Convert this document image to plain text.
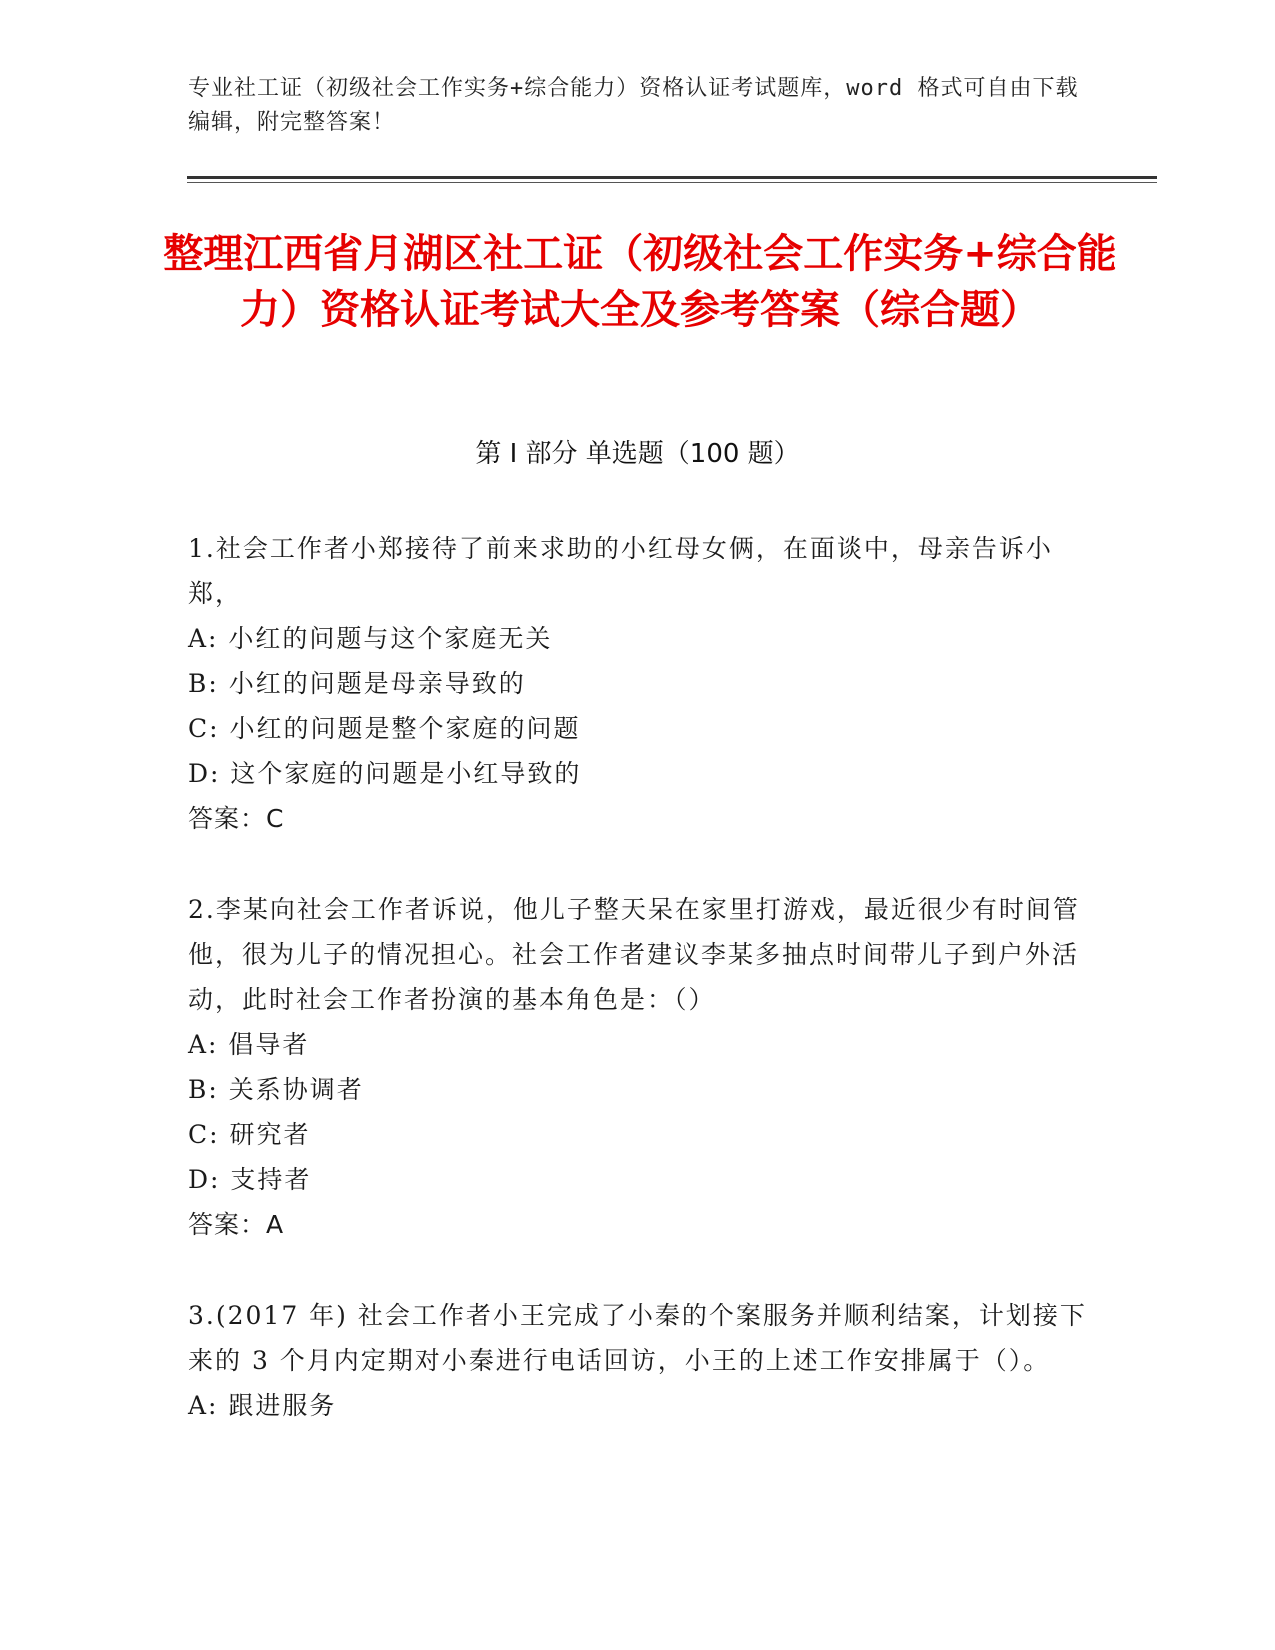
专业社工证（初级社会工作实务+综合能力）资格认证考试题库，word 格式可自由下载编辑，附完整答案！
整理江西省月湖区社工证（初级社会工作实务+综合能力）资格认证考试大全及参考答案（综合题）
第 I 部分 单选题（100 题）

1.社会工作者小郑接待了前来求助的小红母女俩，在面谈中，母亲告诉小郑，

A: 小红的问题与这个家庭无关

B: 小红的问题是母亲导致的

C: 小红的问题是整个家庭的问题

D: 这个家庭的问题是小红导致的

答案：C

2.李某向社会工作者诉说，他儿子整天呆在家里打游戏，最近很少有时间管他，很为儿子的情况担心。社会工作者建议李某多抽点时间带儿子到户外活动，此时社会工作者扮演的基本角色是：（）

A: 倡导者

B: 关系协调者

C: 研究者

D: 支持者

答案：A

3.(2017 年) 社会工作者小王完成了小秦的个案服务并顺利结案，计划接下来的 3 个月内定期对小秦进行电话回访，小王的上述工作安排属于（）。

A: 跟进服务
